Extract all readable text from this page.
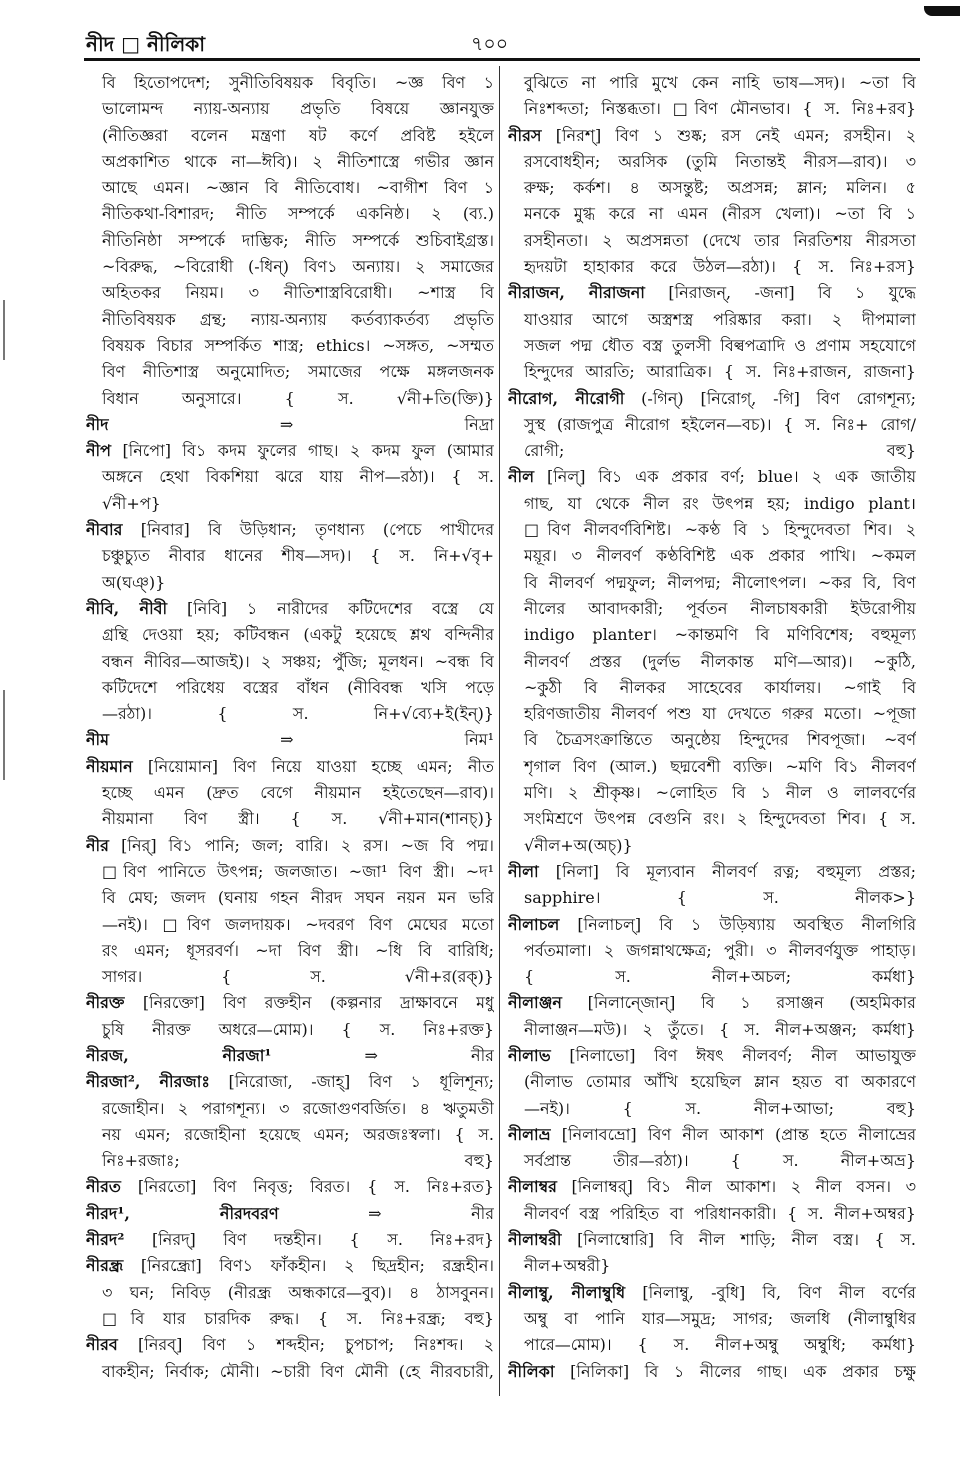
নীদ □ নীলিকা	৭০০
বি হিতোপদেশ; সুনীতিবিষয়ক বিবৃতি। ~জ্ঞ বিণ ১
ভালোমন্দ ন্যায়-অন্যায় প্রভৃতি বিষয়ে জ্ঞানযুক্ত
(নীতিজ্ঞরা বলেন মন্ত্রণা ষট কর্ণে প্রবিষ্ট হইলে
অপ্রকাশিত থাকে না—ঈবি)। ২ নীতিশাস্ত্রে গভীর জ্ঞান
আছে এমন। ~জ্ঞান বি নীতিবোধ। ~বাগীশ বিণ ১
নীতিকথা-বিশারদ; নীতি সম্পর্কে একনিষ্ঠ। ২ (ব্য.)
নীতিনিষ্ঠা সম্পর্কে দাম্ভিক; নীতি সম্পর্কে শুচিবাইগ্রস্ত।
~বিরুদ্ধ, ~বিরোধী (-ধিন্) বিণ১ অন্যায়। ২ সমাজের
অহিতকর নিয়ম। ৩ নীতিশাস্ত্রবিরোধী। ~শাস্ত্র বি
নীতিবিষয়ক গ্রন্থ; ন্যায়-অন্যায় কর্তব্যাকর্তব্য প্রভৃতি
বিষয়ক বিচার সম্পর্কিত শাস্ত্র; ethics। ~সঙ্গত, ~সম্মত
বিণ নীতিশাস্ত্র অনুমোদিত; সমাজের পক্ষে মঙ্গলজনক
বিধান অনুসারে। { স. √নী+তি(ক্তি)}
নীদ ⇒ নিদ্রা
নীপ [নিপো] বি১ কদম ফুলের গাছ। ২ কদম ফুল (আমার
অঙ্গনে হেথা বিকশিয়া ঝরে যায় নীপ—রঠা)। { স.
√নী+প}
নীবার [নিবার] বি উড়িধান; তৃণধান্য (পেচে পাখীদের
চঞ্চুচ্যুত নীবার ধানের শীষ—সদ)। { স. নি+√বৃ+
অ(ঘঞ্)}
নীবি, নীবী [নিবি] ১ নারীদের কটিদেশের বস্ত্রে যে
গ্রন্থি দেওয়া হয়; কটিবন্ধন (একটু হয়েছে শ্লথ বন্দিনীর
বন্ধন নীবির—আজই)। ২ সঞ্চয়; পুঁজি; মূলধন। ~বন্ধ বি
কটিদেশে পরিধেয় বস্ত্রের বাঁধন (নীবিবন্ধ খসি পড়ে
—রঠা)। { স. নি+√ব্যে+ই(ইন্)}
নীম ⇒ নিম¹
নীয়মান [নিয়োমান] বিণ নিয়ে যাওয়া হচ্ছে এমন; নীত
হচ্ছে এমন (দ্রুত বেগে নীয়মান হইতেছেন—রাব)।
নীয়মানা বিণ স্ত্রী। { স. √নী+মান(শানচ্)}
নীর [নির্] বি১ পানি; জল; বারি। ২ রস। ~জ বি পদ্ম।
□বিণ পানিতে উৎপন্ন; জলজাত। ~জা¹ বিণ স্ত্রী। ~দ¹
বি মেঘ; জলদ (ঘনায় গহন নীরদ সঘন নয়ন মন ভরি
—নই)। □বিণ জলদায়ক। ~দবরণ বিণ মেঘের মতো
রং এমন; ধূসরবর্ণ। ~দা বিণ স্ত্রী। ~ধি বি বারিধি;
সাগর। { স. √নী+র(রক্)}
নীরক্ত [নিরক্তো] বিণ রক্তহীন (কল্পনার দ্রাক্ষাবনে মধু
চুষি নীরক্ত অধরে—মোম)। { স. নিঃ+রক্ত}
নীরজ, নীরজা¹ ⇒ নীর
নীরজা², নীরজাঃ [নিরোজা, -জাহ্] বিণ ১ ধূলিশূন্য;
রজোহীন। ২ পরাগশূন্য। ৩ রজোগুণবর্জিত। ৪ ঋতুমতী
নয় এমন; রজোহীনা হয়েছে এমন; অরজঃস্বলা। { স.
নিঃ+রজাঃ; বহু}
নীরত [নিরতো] বিণ নিবৃত্ত; বিরত। { স. নিঃ+রত}
নীরদ¹, নীরদবরণ ⇒ নীর
নীরদ² [নিরদ্] বিণ দন্তহীন। { স. নিঃ+রদ}
নীরন্ধ্র [নিরন্ধ্রো] বিণ১ ফাঁকহীন। ২ ছিদ্রহীন; রন্ধ্রহীন।
৩ ঘন; নিবিড় (নীরন্ধ্র অন্ধকারে—বুব)। ৪ ঠাসবুনন।
□বি যার চারদিক রুদ্ধ। { স. নিঃ+রন্ধ্র; বহু}
নীরব [নিরব্] বিণ ১ শব্দহীন; চুপচাপ; নিঃশব্দ। ২
বাকহীন; নির্বাক; মৌনী। ~চারী বিণ মৌনী (হে নীরবচারী,
বুঝিতে না পারি মুখে কেন নাহি ভাষ—সদ)। ~তা বি
নিঃশব্দতা; নিস্তব্ধতা। □বিণ মৌনভাব। { স. নিঃ+রব}
নীরস [নিরশ্] বিণ ১ শুষ্ক; রস নেই এমন; রসহীন। ২
রসবোধহীন; অরসিক (তুমি নিতান্তই নীরস—রাব)। ৩
রুক্ষ; কর্কশ। ৪ অসন্তুষ্ট; অপ্রসন্ন; ম্লান; মলিন। ৫
মনকে মুগ্ধ করে না এমন (নীরস খেলা)। ~তা বি ১
রসহীনতা। ২ অপ্রসন্নতা (দেখে তার নিরতিশয় নীরসতা
হৃদয়টা হাহাকার করে উঠল—রঠা)। { স. নিঃ+রস}
নীরাজন, নীরাজনা [নিরাজন্, -জনা] বি ১ যুদ্ধে
যাওয়ার আগে অস্ত্রশস্ত্র পরিষ্কার করা। ২ দীপমালা
সজল পদ্ম ধৌত বস্ত্র তুলসী বিল্বপত্রাদি ও প্রণাম সহযোগে
হিন্দুদের আরতি; আরাত্রিক। { স. নিঃ+রাজন, রাজনা}
নীরোগ, নীরোগী (-গিন্) [নিরোগ্, -গি] বিণ রোগশূন্য;
সুস্থ (রাজপুত্র নীরোগ হইলেন—বচ)। { স. নিঃ+ রোগ/
রোগী; বহু}
নীল [নিল্] বি১ এক প্রকার বর্ণ; blue। ২ এক জাতীয়
গাছ, যা থেকে নীল রং উৎপন্ন হয়; indigo plant।
□বিণ নীলবর্ণবিশিষ্ট। ~কণ্ঠ বি ১ হিন্দুদেবতা শিব। ২
ময়ূর। ৩ নীলবর্ণ কণ্ঠবিশিষ্ট এক প্রকার পাখি। ~কমল
বি নীলবর্ণ পদ্মফুল; নীলপদ্ম; নীলোৎপল। ~কর বি, বিণ
নীলের আবাদকারী; পূর্বতন নীলচাষকারী ইউরোপীয়
indigo planter। ~কান্তমণি বি মণিবিশেষ; বহুমূল্য
নীলবর্ণ প্রস্তর (দুর্লভ নীলকান্ত মণি—আর)। ~কুঠি,
~কুঠী বি নীলকর সাহেবের কার্যালয়। ~গাই বি
হরিণজাতীয় নীলবর্ণ পশু যা দেখতে গরুর মতো। ~পূজা
বি চৈত্রসংক্রান্তিতে অনুষ্ঠেয় হিন্দুদের শিবপূজা। ~বর্ণ
শৃগাল বিণ (আল.) ছদ্মবেশী ব্যক্তি। ~মণি বি১ নীলবর্ণ
মণি। ২ শ্রীকৃষ্ণ। ~লোহিত বি ১ নীল ও লালবর্ণের
সংমিশ্রণে উৎপন্ন বেগুনি রং। ২ হিন্দুদেবতা শিব। { স.
√নীল+অ(অচ্)}
নীলা [নিলা] বি মূল্যবান নীলবর্ণ রত্ন; বহুমূল্য প্রস্তর;
sapphire। { স. নীলক>}
নীলাচল [নিলাচল্] বি ১ উড়িষ্যায় অবস্থিত নীলগিরি
পর্বতমালা। ২ জগন্নাথক্ষেত্র; পুরী। ৩ নীলবর্ণযুক্ত পাহাড়।
{ স. নীল+অচল; কর্মধা}
নীলাঞ্জন [নিলান্জোন্] বি ১ রসাঞ্জন (অহমিকার
নীলাঞ্জন—মউ)। ২ তুঁতে। { স. নীল+অঞ্জন; কর্মধা}
নীলাভ [নিলাভো] বিণ ঈষৎ নীলবর্ণ; নীল আভাযুক্ত
(নীলাভ তোমার আঁখি হয়েছিল ম্লান হয়ত বা অকারণে
—নই)। { স. নীল+আভা; বহু}
নীলাভ্র [নিলাবভ্রো] বিণ নীল আকাশ (প্রান্ত হতে নীলাভ্রের
সর্বপ্রান্ত তীর—রঠা)। { স. নীল+অভ্র}
নীলাম্বর [নিলাম্বর্] বি১ নীল আকাশ। ২ নীল বসন। ৩
নীলবর্ণ বস্ত্র পরিহিত বা পরিধানকারী। { স. নীল+অম্বর}
নীলাম্বরী [নিলাম্বোরি] বি নীল শাড়ি; নীল বস্ত্র। { স.
নীল+অম্বরী}
নীলাম্বু, নীলাম্বুধি [নিলাম্বু, -বুধি] বি, বিণ নীল বর্ণের
অম্বু বা পানি যার—সমুদ্র; সাগর; জলধি (নীলাম্বুধির
পারে—মোম)। { স. নীল+অম্বু অম্বুধি; কর্মধা}
নীলিকা [নিলিকা] বি ১ নীলের গাছ। এক প্রকার চক্ষু
